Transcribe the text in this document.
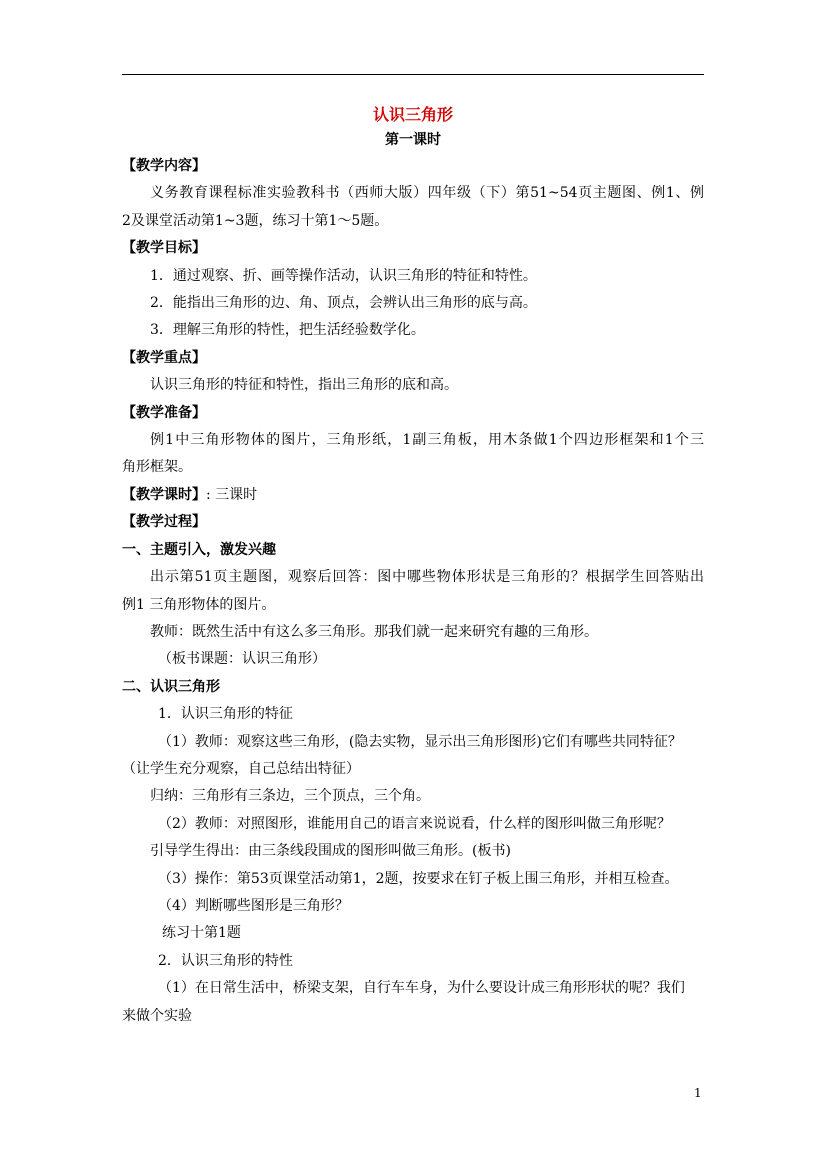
认识三角形

第一课时

【教学内容】

义务教育课程标准实验教科书（西师大版）四年级（下）第51~54页主题图、例1、例

2及课堂活动第1~3题，练习十第1～5题。

【教学目标】

1．通过观察、折、画等操作活动，认识三角形的特征和特性。

2．能指出三角形的边、角、顶点，会辨认出三角形的底与高。

3．理解三角形的特性，把生活经验数学化。

【教学重点】

认识三角形的特征和特性，指出三角形的底和高。

【教学准备】

例1中三角形物体的图片，三角形纸，1副三角板，用木条做1个四边形框架和1个三

角形框架。

【教学课时】: 三课时

【教学过程】

一、主题引入，激发兴趣

出示第51页主题图，观察后回答：图中哪些物体形状是三角形的？根据学生回答贴出

例1 三角形物体的图片。

教师：既然生活中有这么多三角形。那我们就一起来研究有趣的三角形。

（板书课题：认识三角形）

二、认识三角形

1．认识三角形的特征

（1）教师：观察这些三角形，(隐去实物，显示出三角形图形)它们有哪些共同特征？

（让学生充分观察，自己总结出特征）

归纳：三角形有三条边，三个顶点，三个角。

（2）教师：对照图形，谁能用自己的语言来说说看，什么样的图形叫做三角形呢？

引导学生得出：由三条线段围成的图形叫做三角形。(板书)

（3）操作：第53页课堂活动第1，2题，按要求在钉子板上围三角形，并相互检查。

（4）判断哪些图形是三角形？

练习十第1题

2．认识三角形的特性

（1）在日常生活中，桥梁支架，自行车车身，为什么要设计成三角形形状的呢？我们

来做个实验

1
